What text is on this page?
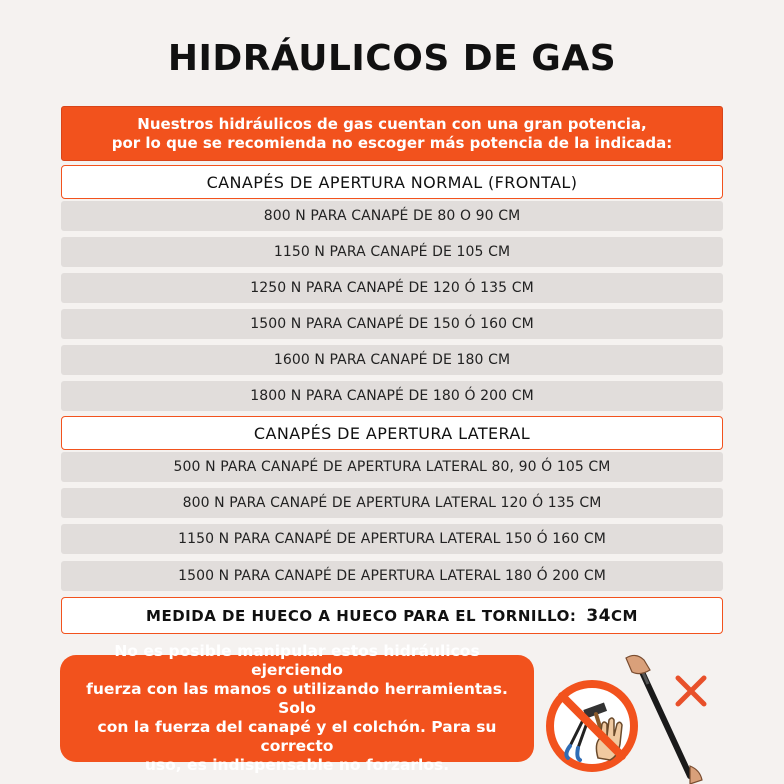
HIDRÁULICOS DE GAS
Nuestros hidráulicos de gas cuentan con una gran potencia,
por lo que se recomienda no escoger más potencia de la indicada:
CANAPÉS DE APERTURA NORMAL (FRONTAL)
800 N PARA CANAPÉ DE 80 O 90 CM
1150 N PARA CANAPÉ DE 105 CM
1250 N PARA CANAPÉ DE 120 Ó 135 CM
1500 N PARA CANAPÉ DE 150 Ó 160 CM
1600 N PARA CANAPÉ DE 180 CM
1800 N PARA CANAPÉ DE 180 Ó 200 CM
CANAPÉS DE APERTURA LATERAL
500 N PARA CANAPÉ DE APERTURA LATERAL 80, 90 Ó 105 CM
800 N PARA CANAPÉ DE APERTURA LATERAL 120 Ó 135 CM
1150 N PARA CANAPÉ DE APERTURA LATERAL 150 Ó 160 CM
1500 N PARA CANAPÉ DE APERTURA LATERAL 180 Ó 200 CM
MEDIDA DE HUECO A HUECO PARA EL TORNILLO: 34 CM
No es posible manipular estos hidráulicos ejerciendo
fuerza con las manos o utilizando herramientas. Solo
con la fuerza del canapé y el colchón. Para su correcto
uso, es indispensable no forzarlos.
